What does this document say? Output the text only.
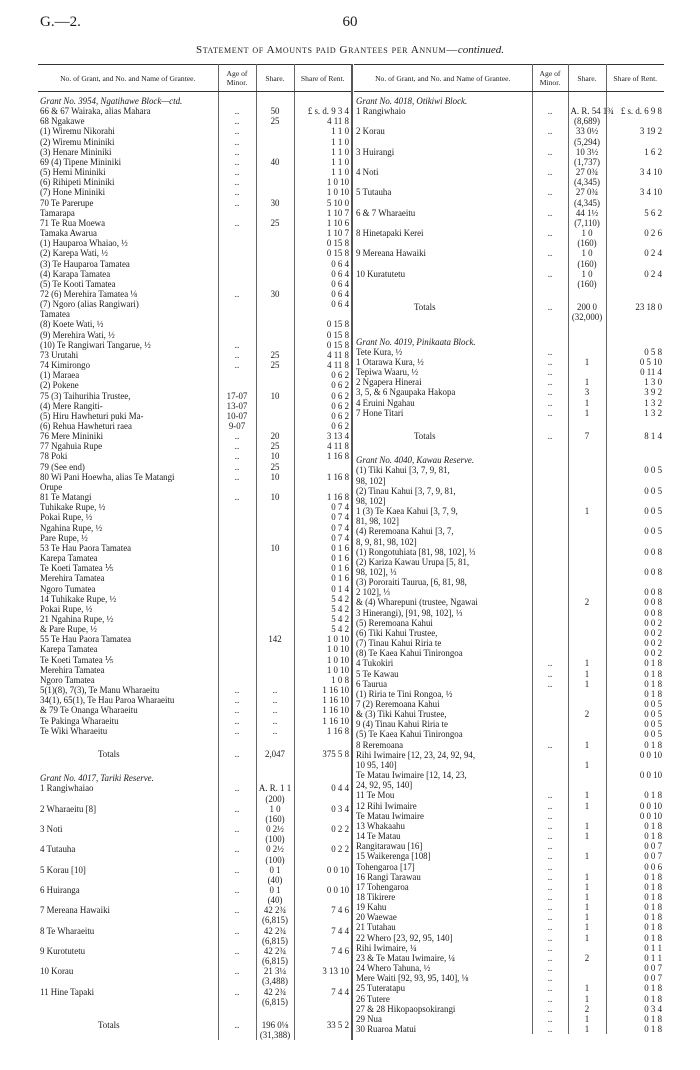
G.—2.	60
Statement of Amounts paid Grantees per Annum—continued.
No. of Grant, and No. and Name of Grantee.	Age of Minor.	Share.	Share of Rent.
Grant No. 3954, Ngatihawe Block—ctd.			
66 & 67 Wairaka, alias Mahara	..	50	£ s. d. 9 3 4
68 Ngakawe	..	25	4 11 8
(1) Wiremu Nikorahi	..		1 1 0
(2) Wiremu Mininiki	..		1 1 0
(3) Henare Mininiki	..		1 1 0
69 (4) Tipene Mininiki	..	40	1 1 0
(5) Hemi Mininiki	..		1 1 0
(6) Rihipeti Mininiki	..		1 0 10
(7) Hone Mininiki	..		1 0 10
70 Te Parerupe	..	30	5 10 0
Tamarapa			1 10 7
71 Te Rua Moewa	..	25	1 10 6
Tamaka Awarua			1 10 7
(1) Hauparoa Whaiao, ½			0 15 8
(2) Karepa Wati, ½			0 15 8
(3) Te Hauparoa Tamatea			0 6 4
(4) Karapa Tamatea			0 6 4
(5) Te Kooti Tamatea			0 6 4
72 (6) Merehira Tamatea ⅛	..	30	0 6 4
(7) Ngoro (alias Rangiwari)			0 6 4
Tamatea			
(8) Koete Wati, ½			0 15 8
(9) Merehira Wati, ½			0 15 8
(10) Te Rangiwari Tangarue, ½	..		0 15 8
73 Urutahi	..	25	4 11 8
74 Kimirongo	..	25	4 11 8
(1) Maraea			0 6 2
(2) Pokene			0 6 2
75 (3) Taihurihia Trustee,	17-07	10	0 6 2
(4) Mere Rangiti-	13-07		0 6 2
(5) Hiru Hawheturi puki Ma-	10-07		0 6 2
(6) Rehua Hawheturi raea	9-07		0 6 2
76 Mere Mininiki	..	20	3 13 4
77 Ngahuia Rupe	..	25	4 11 8
78 Poki	..	10	1 16 8
79 (See end)	..	25	
80 Wi Pani Hoewha, alias Te Matangi	..	10	1 16 8
Orupe			
81 Te Matangi	..	10	1 16 8
Tuhikake Rupe, ½			0 7 4
Pokai Rupe, ½			0 7 4
Ngahina Rupe, ½			0 7 4
Pare Rupe, ½			0 7 4
53 Te Hau Paora Tamatea		10	0 1 6
Karepa Tamatea			0 1 6
Te Koeti Tamatea ⅕			0 1 6
Merehira Tamatea			0 1 6
Ngoro Tumatea			0 1 4
14 Tuhikake Rupe, ½			5 4 2
Pokai Rupe, ½			5 4 2
21 Ngahina Rupe, ½			5 4 2
& Pare Rupe, ½			5 4 2
55 Te Hau Paora Tamatea		142	1 0 10
Karepa Tamatea			1 0 10
Te Koeti Tamatea ⅕			1 0 10
Merehira Tamatea			1 0 10
Ngoro Tamatea			1 0 8
5(1)(8), 7(3), Te Manu Wharaeitu	..	..	1 16 10
34(1), 65(1), Te Hau Paroa Wharaeitu	..	..	1 16 10
& 79 Te Onanga Wharaeitu	..	..	1 16 10
Te Pakinga Wharaeitu	..	..	1 16 10
Te Wiki Wharaeitu	..	..	1 16 8

Totals	..	2,047	375 5 8

Grant No. 4017, Tariki Reserve.			
1 Rangiwhaiao	..	A. R. 1 1	0 4 4
		(200)	
2 Wharaeitu [8]	..	1 0	0 3 4
		(160)	
3 Noti	..	0 2½	0 2 2
		(100)	
4 Tutauha	..	0 2½	0 2 2
		(100)	
5 Korau [10]	..	0 1	0 0 10
		(40)	
6 Huiranga	..	0 1	0 0 10
		(40)	
7 Mereana Hawaiki	..	42 2¾	7 4 6
		(6,815)	
8 Te Wharaeitu	..	42 2¾	7 4 4
		(6,815)	
9 Kurotutetu	..	42 2¾	7 4 6
		(6,815)	
10 Korau	..	21 3¼	3 13 10
		(3,488)	
11 Hine Tapaki	..	42 2¾	7 4 4
		(6,815)	

Totals	..	196 0⅛	33 5 2
		(31,388)	
No. of Grant, and No. and Name of Grantee.	Age of Minor.	Share.	Share of Rent.
Grant No. 4018, Otikiwi Block.			
1 Rangiwhaio	..	A. R. 54 1¾	£ s. d. 6 9 8
		(8,689)	
2 Korau	..	33 0½	3 19 2
		(5,294)	
3 Huirangi	..	10 3½	1 6 2
		(1,737)	
4 Noti	..	27 0¾	3 4 10
		(4,345)	
5 Tutauha	..	27 0¾	3 4 10
		(4,345)	
6 & 7 Wharaeitu	..	44 1½	5 6 2
		(7,110)	
8 Hinetapaki Kerei	..	1 0	0 2 6
		(160)	
9 Mereana Hawaiki	..	1 0	0 2 4
		(160)	
10 Kuratutetu	..	1 0	0 2 4
		(160)	

Totals	..	200 0	23 18 0
		(32,000)	

Grant No. 4019, Pinikaata Block.			
Tete Kura, ½	..		0 5 8
1 Otarawa Kura, ½	..	1	0 5 10
Tepiwa Waaru, ½	..		0 11 4
2 Ngapera Hinerai	..	1	1 3 0
3, 5, & 6 Ngaupaka Hakopa	..	3	3 9 2
4 Eruini Ngahau	..	1	1 3 2
7 Hone Titari	..	1	1 3 2

Totals	..	7	8 1 4

Grant No. 4040, Kawau Reserve.			
(1) Tiki Kahui [3, 7, 9, 81,			0 0 5
98, 102]			
(2) Tinau Kahui [3, 7, 9, 81,			0 0 5
98, 102]			
1 (3) Te Kaea Kahui [3, 7, 9,		1	0 0 5
81, 98, 102]			
(4) Reremoana Kahui [3, 7,			0 0 5
8, 9, 81, 98, 102]			
(1) Rongotuhiata [81, 98, 102], ⅓			0 0 8
(2) Kariza Kawau Urupa [5, 81,			
98, 102], ⅓			0 0 8
(3) Pororaiti Taurua, [6, 81, 98,			
2 102], ⅓			0 0 8
& (4) Wharepuni (trustee, Ngawai		2	0 0 8
3 Hinerangi), [91, 98, 102], ⅓			0 0 8
(5) Reremoana Kahui			0 0 2
(6) Tiki Kahui Trustee,			0 0 2
(7) Tinau Kahui Riria te			0 0 2
(8) Te Kaea Kahui Tinirongoa			0 0 2
4 Tukokiri	..	1	0 1 8
5 Te Kawau	..	1	0 1 8
6 Taurua	..	1	0 1 8
(1) Riria te Tini Rongoa, ½			0 1 8
7 (2) Reremoana Kahui			0 0 5
& (3) Tiki Kahui Trustee,		2	0 0 5
9 (4) Tinau Kahui Riria te			0 0 5
(5) Te Kaea Kahui Tinirongoa			0 0 5
8 Reremoana	..	1	0 1 8
Rihi Iwimaire [12, 23, 24, 92, 94,			0 0 10
10 95, 140]		1	
Te Matau Iwimaire [12, 14, 23,			0 0 10
24, 92, 95, 140]			
11 Te Mou	..	1	0 1 8
12 Rihi Iwimaire	..	1	0 0 10
Te Matau Iwimaire	..		0 0 10
13 Whakaahu	..	1	0 1 8
14 Te Matau	..	1	0 1 8
Rangitarawau [16]	..		0 0 7
15 Waikerenga [108]	..	1	0 0 7
Tohengaroa [17]	..		0 0 6
16 Rangi Tarawau	..	1	0 1 8
17 Tohengaroa	..	1	0 1 8
18 Tikirere	..	1	0 1 8
19 Kahu	..	1	0 1 8
20 Waewae	..	1	0 1 8
21 Tutahau	..	1	0 1 8
22 Whero [23, 92, 95, 140]	..	1	0 1 8
Rihi Iwimaire, ¼	..		0 1 1
23 & Te Matau Iwimaire, ¼	..	2	0 1 1
24 Whero Tahuna, ½	..		0 0 7
Mere Waiti [92, 93, 95, 140], ⅛	..		0 0 7
25 Tuteratapu	..	1	0 1 8
26 Tutere	..	1	0 1 8
27 & 28 Hikopaopsokirangi	..	2	0 3 4
29 Nua	..	1	0 1 8
30 Ruaroa Matui	..	1	0 1 8
